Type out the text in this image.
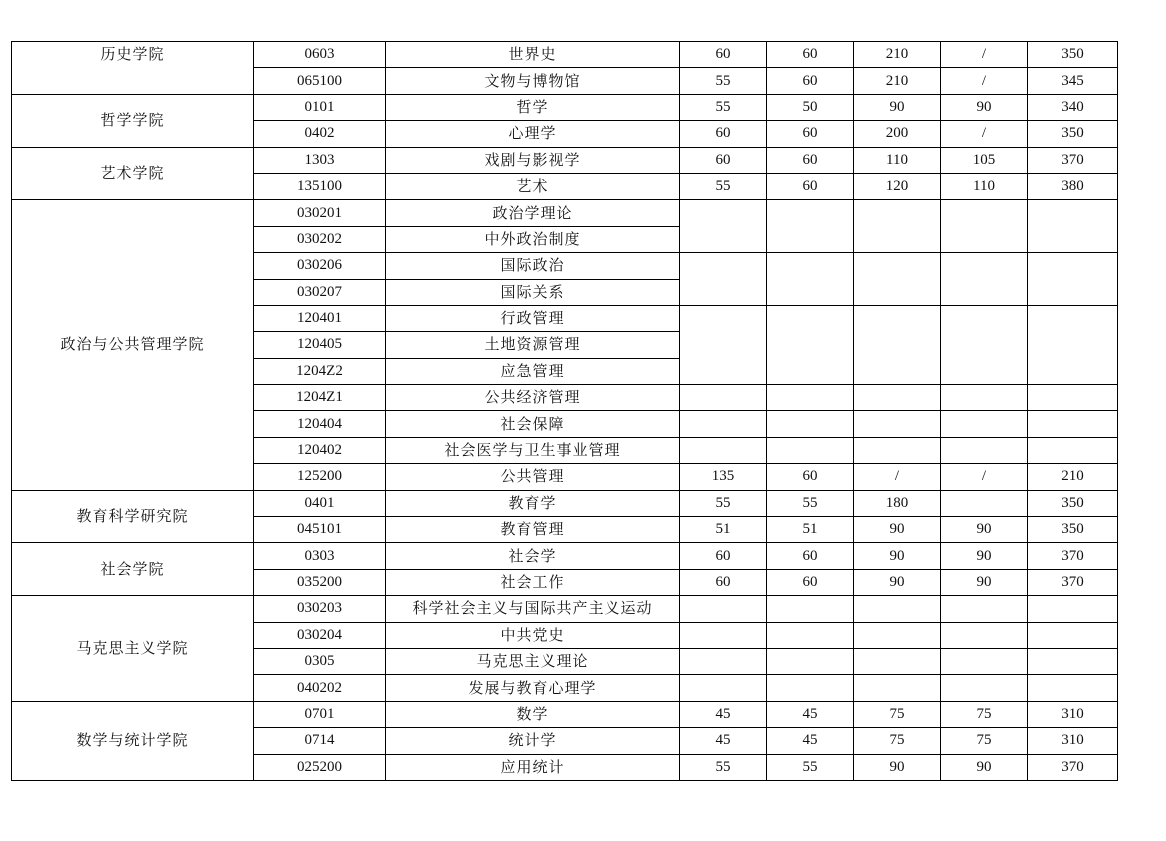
历史学院	0603	世界史	60	60	210	/	350
	065100	文物与博物馆	55	60	210	/	345
哲学学院	0101	哲学	55	50	90	90	340
	0402	心理学	60	60	200	/	350
艺术学院	1303	戏剧与影视学	60	60	110	105	370
	135100	艺术	55	60	120	110	380
政治与公共管理学院	030201	政治学理论					
	030202	中外政治制度					
	030206	国际政治					
	030207	国际关系					
	120401	行政管理					
	120405	土地资源管理					
	1204Z2	应急管理					
	1204Z1	公共经济管理					
	120404	社会保障					
	120402	社会医学与卫生事业管理					
	125200	公共管理	135	60	/	/	210
教育科学研究院	0401	教育学	55	55	180		350
	045101	教育管理	51	51	90	90	350
社会学院	0303	社会学	60	60	90	90	370
	035200	社会工作	60	60	90	90	370
马克思主义学院	030203	科学社会主义与国际共产主义运动					
	030204	中共党史					
	0305	马克思主义理论					
	040202	发展与教育心理学					
数学与统计学院	0701	数学	45	45	75	75	310
	0714	统计学	45	45	75	75	310
	025200	应用统计	55	55	90	90	370
